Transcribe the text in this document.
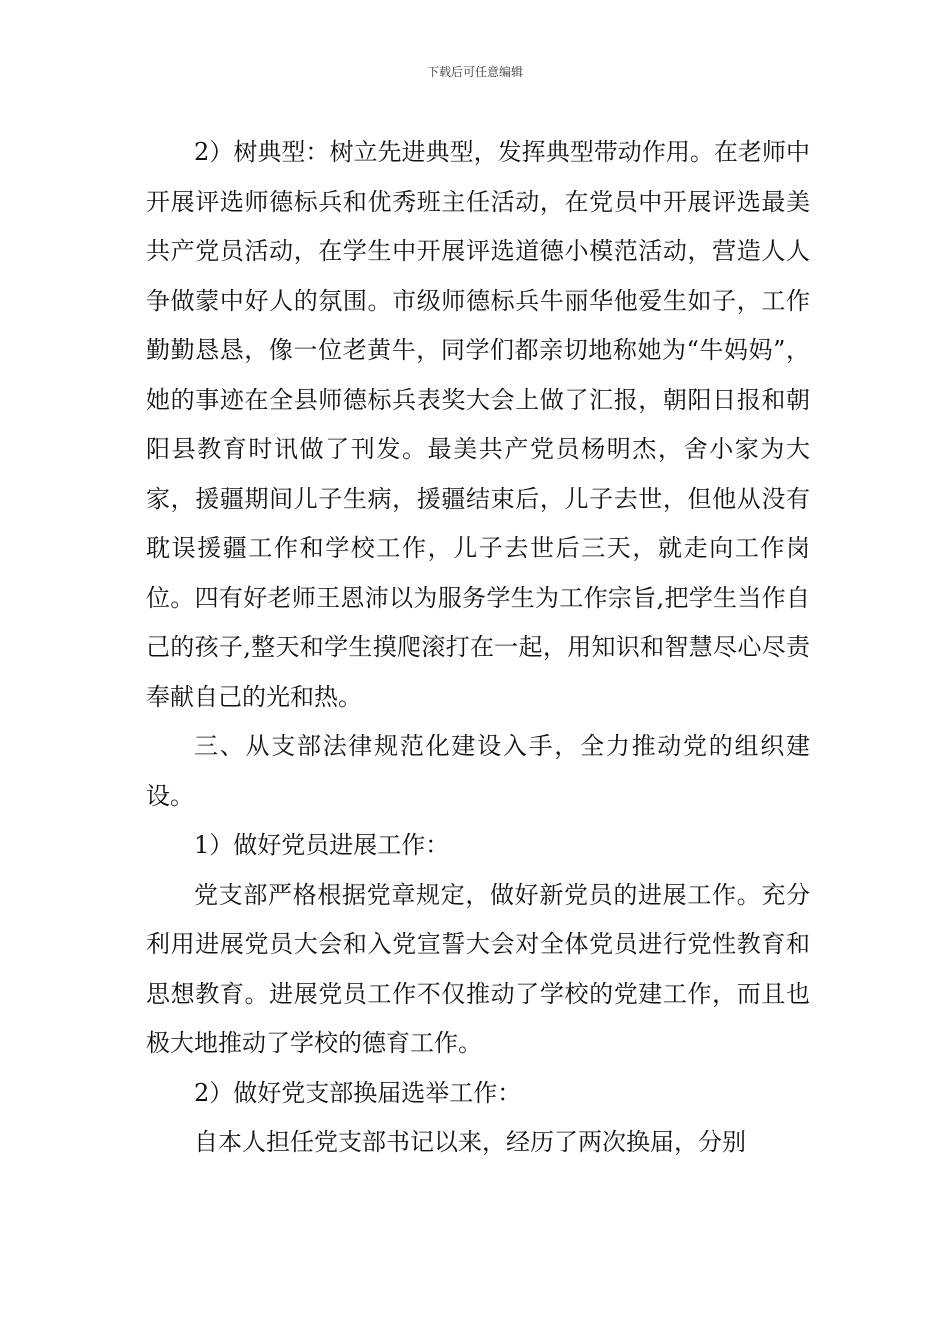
下载后可任意编辑

2）树典型：树立先进典型，发挥典型带动作用。在老师中开展评选师德标兵和优秀班主任活动，在党员中开展评选最美共产党员活动，在学生中开展评选道德小模范活动，营造人人争做蒙中好人的氛围。市级师德标兵牛丽华他爱生如子，工作勤勤恳恳，像一位老黄牛，同学们都亲切地称她为“牛妈妈”，她的事迹在全县师德标兵表奖大会上做了汇报，朝阳日报和朝阳县教育时讯做了刊发。最美共产党员杨明杰，舍小家为大家，援疆期间儿子生病，援疆结束后，儿子去世，但他从没有耽误援疆工作和学校工作，儿子去世后三天，就走向工作岗位。四有好老师王恩沛以为服务学生为工作宗旨,把学生当作自己的孩子,整天和学生摸爬滚打在一起，用知识和智慧尽心尽责奉献自己的光和热。

三、从支部法律规范化建设入手，全力推动党的组织建设。

1）做好党员进展工作：

党支部严格根据党章规定，做好新党员的进展工作。充分利用进展党员大会和入党宣誓大会对全体党员进行党性教育和思想教育。进展党员工作不仅推动了学校的党建工作，而且也极大地推动了学校的德育工作。

2）做好党支部换届选举工作：

自本人担任党支部书记以来，经历了两次换届，分别
